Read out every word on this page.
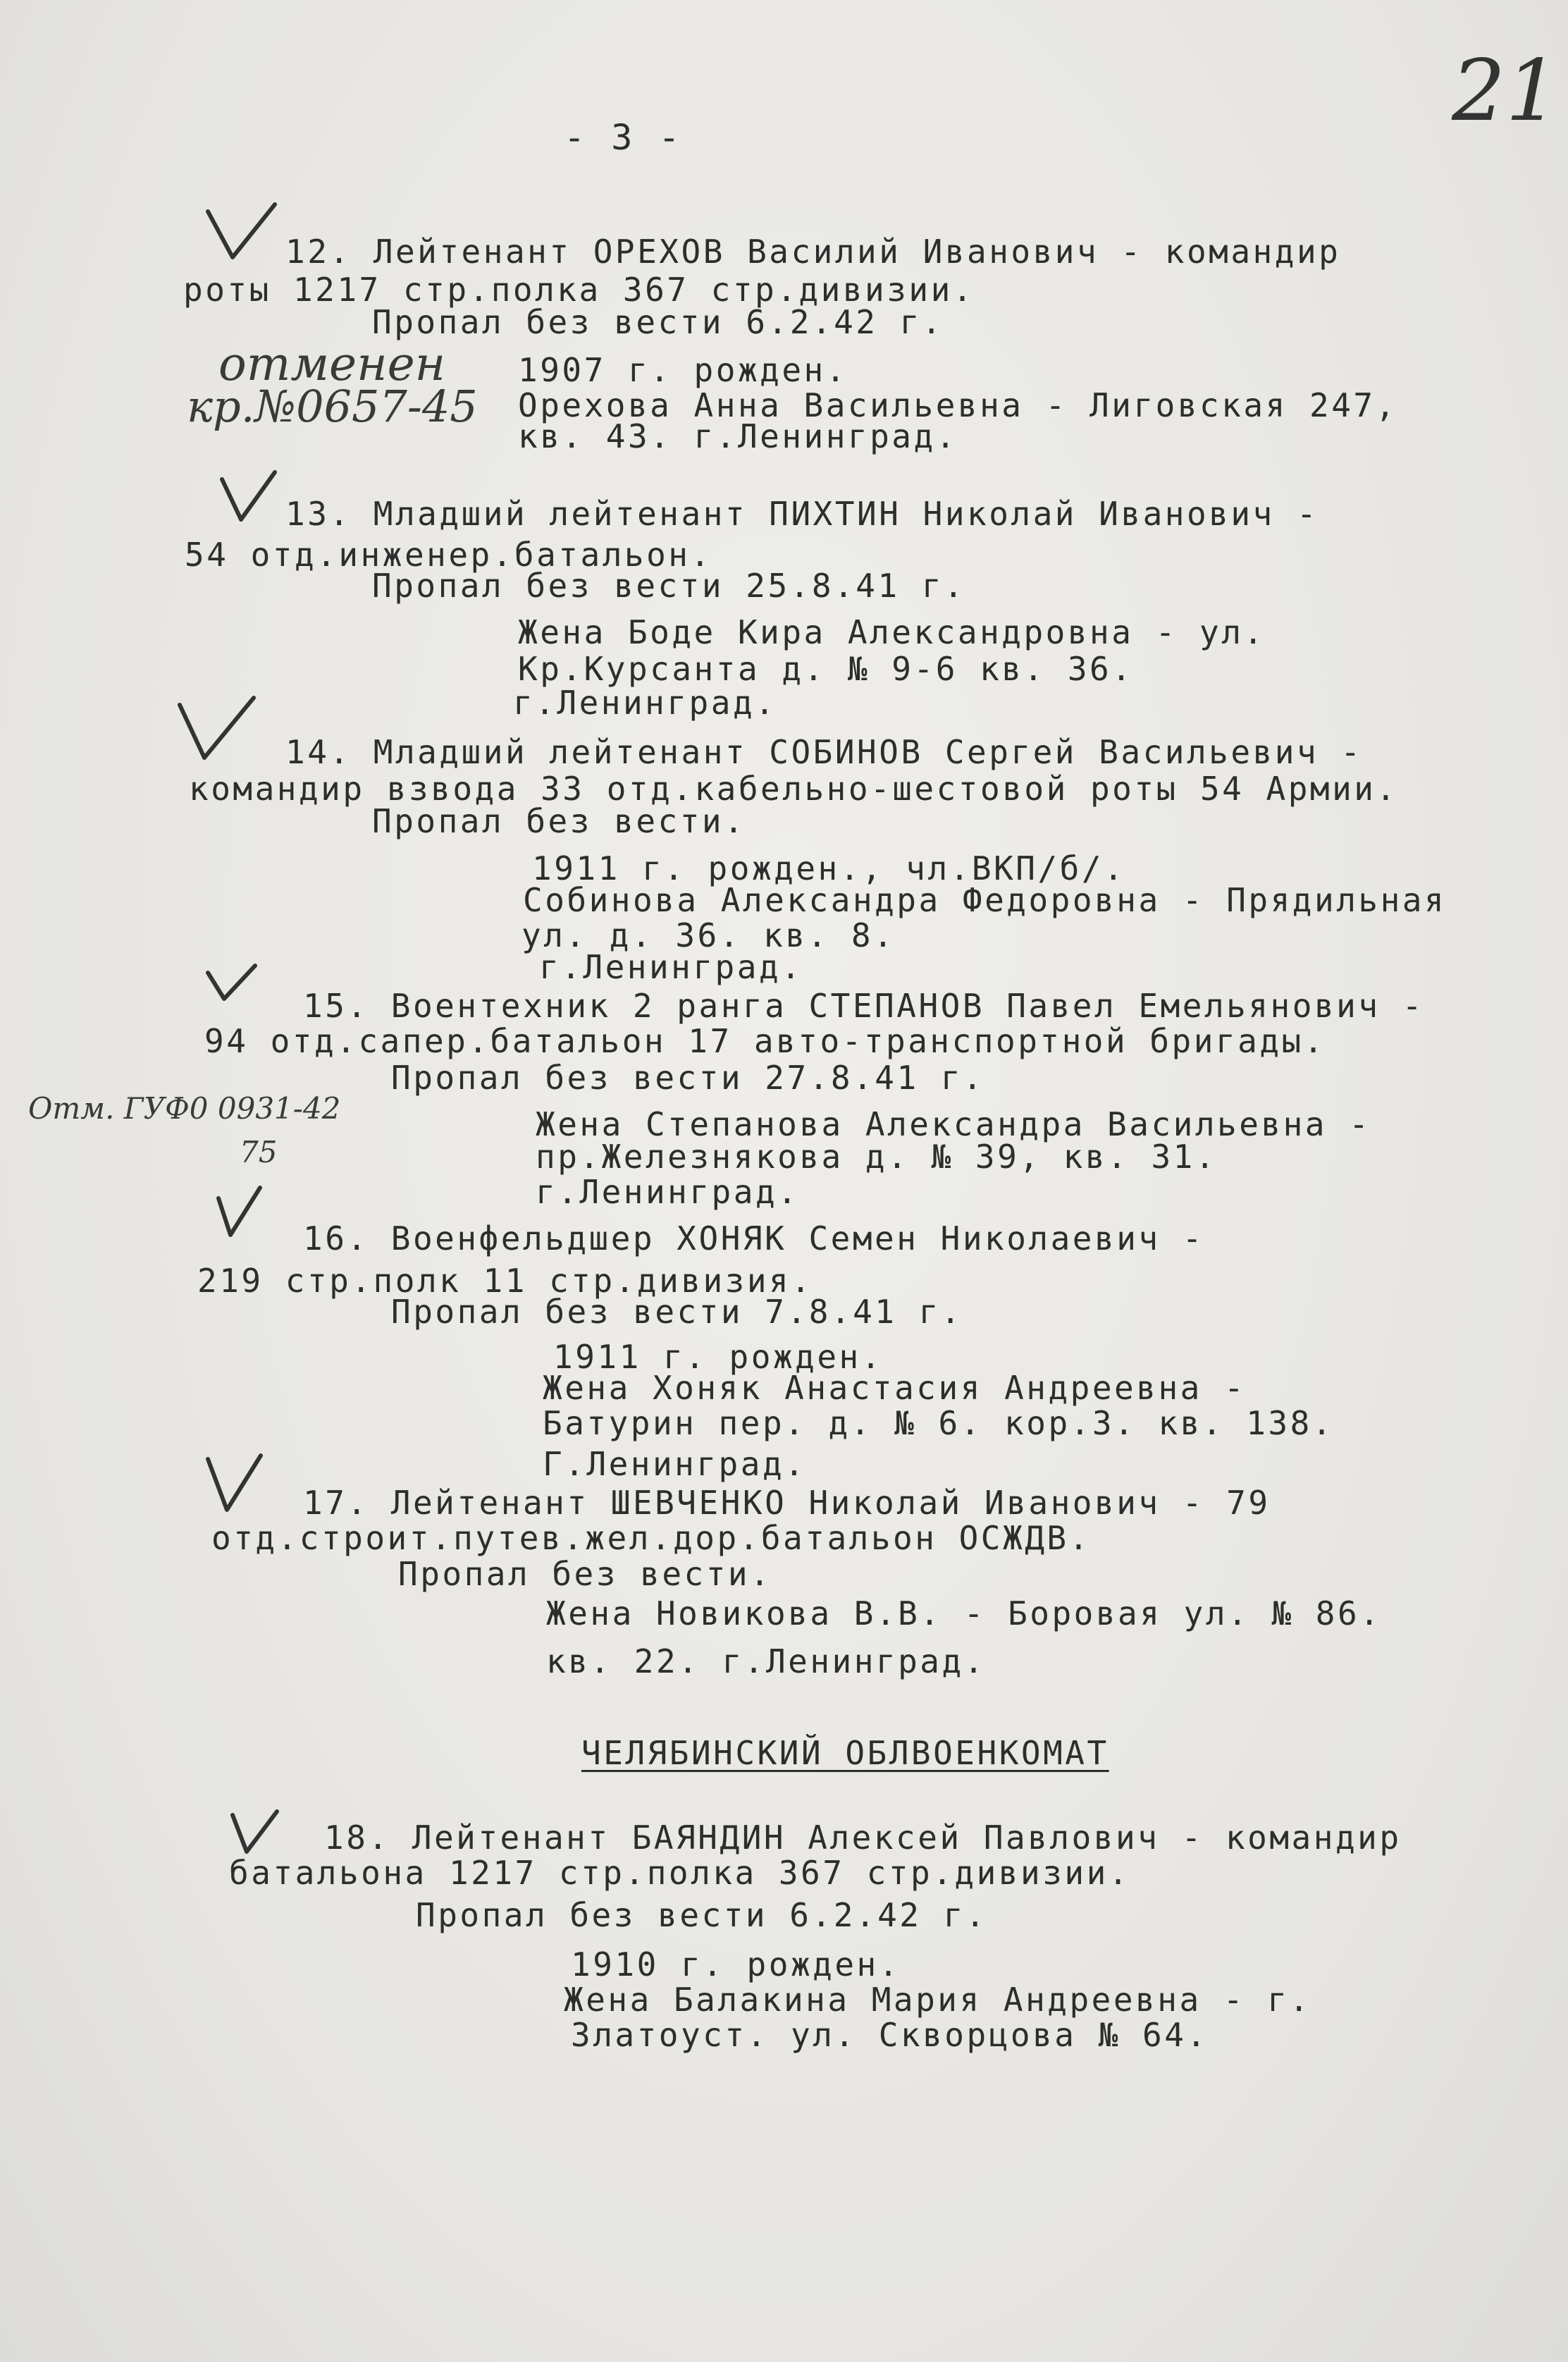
- 3 -	21
отменен
кр.№0657-45
Отм. ГУФ0 0931-42
75
12. Лейтенант ОРЕХОВ Василий Иванович - командир
роты 1217 стр.полка 367 стр.дивизии.
Пропал без вести 6.2.42 г.
1907 г. рожден.
Орехова Анна Васильевна - Лиговская 247,
кв. 43. г.Ленинград.
13. Младший лейтенант ПИХТИН Николай Иванович -
54 отд.инженер.батальон.
Пропал без вести 25.8.41 г.
Жена Боде Кира Александровна - ул.
Кр.Курсанта д. № 9-6 кв. 36.
г.Ленинград.
14. Младший лейтенант СОБИНОВ Сергей Васильевич -
командир взвода 33 отд.кабельно-шестовой роты 54 Армии.
Пропал без вести.
1911 г. рожден., чл.ВКП/б/.
Собинова Александра Федоровна - Прядильная
ул. д. 36. кв. 8.
г.Ленинград.
15. Воентехник 2 ранга СТЕПАНОВ Павел Емельянович -
94 отд.сапер.батальон 17 авто-транспортной бригады.
Пропал без вести 27.8.41 г.
Жена Степанова Александра Васильевна -
пр.Железнякова д. № 39, кв. 31.
г.Ленинград.
16. Военфельдшер ХОНЯК Семен Николаевич -
219 стр.полк 11 стр.дивизия.
Пропал без вести 7.8.41 г.
1911 г. рожден.
Жена Хоняк Анастасия Андреевна -
Батурин пер. д. № 6. кор.3. кв. 138.
Г.Ленинград.
17. Лейтенант ШЕВЧЕНКО Николай Иванович - 79
отд.строит.путев.жел.дор.батальон ОСЖДВ.
Пропал без вести.
Жена Новикова В.В. - Боровая ул. № 86.
кв. 22. г.Ленинград.
ЧЕЛЯБИНСКИЙ ОБЛВОЕНКОМАТ
18. Лейтенант БАЯНДИН Алексей Павлович - командир
батальона 1217 стр.полка 367 стр.дивизии.
Пропал без вести 6.2.42 г.
1910 г. рожден.
Жена Балакина Мария Андреевна - г.
Златоуст. ул. Скворцова № 64.
